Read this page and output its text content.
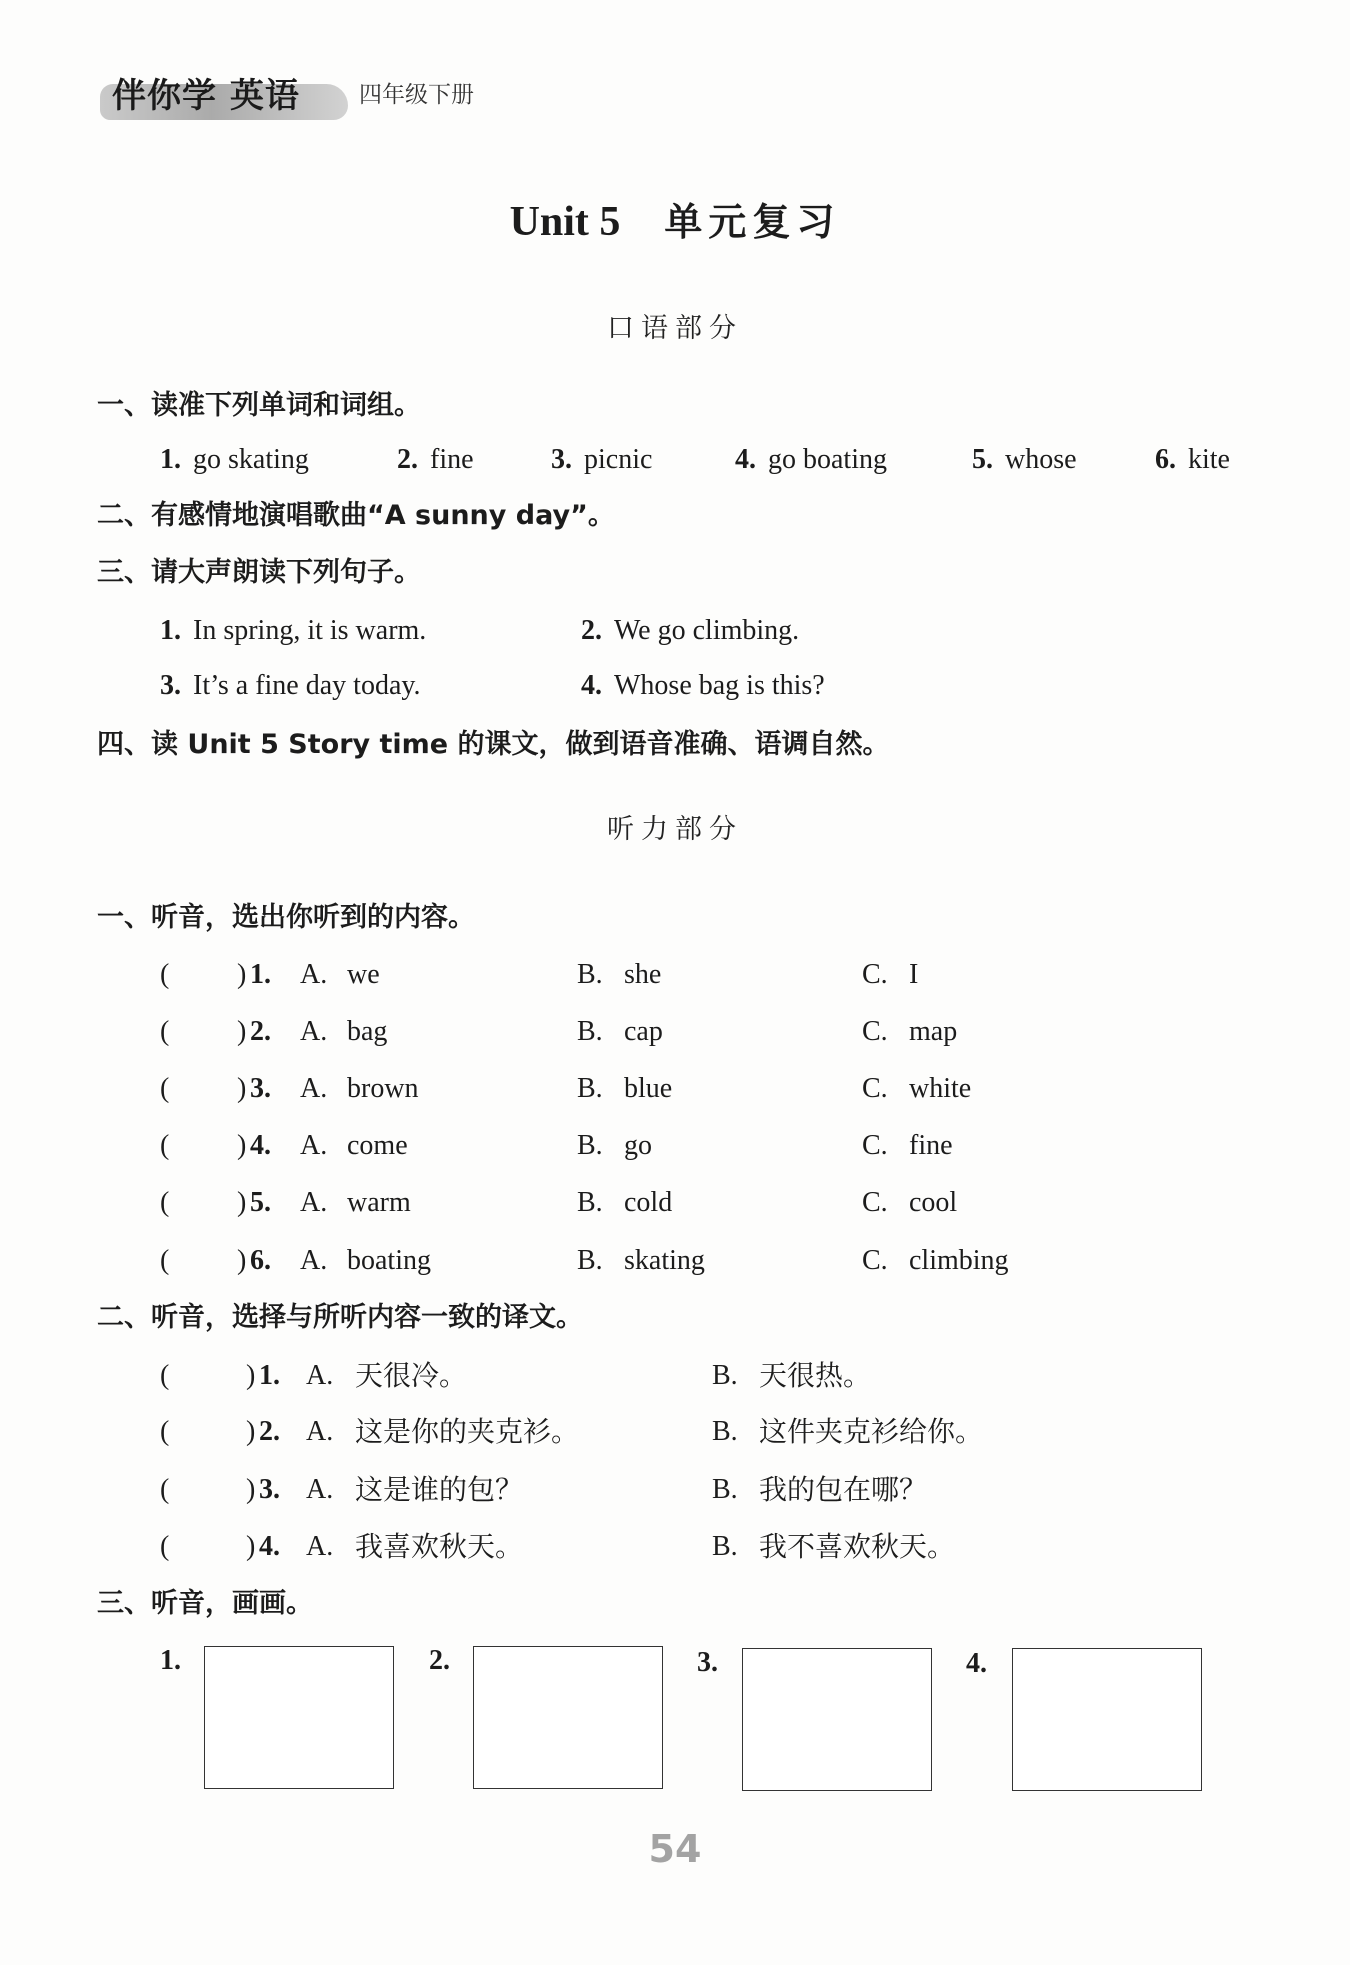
伴你学 英语	四年级下册
Unit 5 单元复习
口语部分
一、读准下列单词和词组。
1. go skating	2. fine	3. picnic	4. go boating	5. whose	6. kite
二、有感情地演唱歌曲“A sunny day”。
三、请大声朗读下列句子。
1. In spring, it is warm.	2. We go climbing.
3. It’s a fine day today.	4. Whose bag is this?
四、读 Unit 5 Story time 的课文，做到语音准确、语调自然。
听力部分
一、听音，选出你听到的内容。
( ) 1. A. we	B. she	C. I
( ) 2. A. bag	B. cap	C. map
( ) 3. A. brown	B. blue	C. white
( ) 4. A. come	B. go	C. fine
( ) 5. A. warm	B. cold	C. cool
( ) 6. A. boating	B. skating	C. climbing
二、听音，选择与所听内容一致的译文。
(	) 1. A. 天很冷。	B. 天很热。
(	) 2. A. 这是你的夹克衫。	B. 这件夹克衫给你。
(	) 3. A. 这是谁的包？	B. 我的包在哪？
(	) 4. A. 我喜欢秋天。	B. 我不喜欢秋天。
三、听音，画画。
1.	2.	3.	4.
54
